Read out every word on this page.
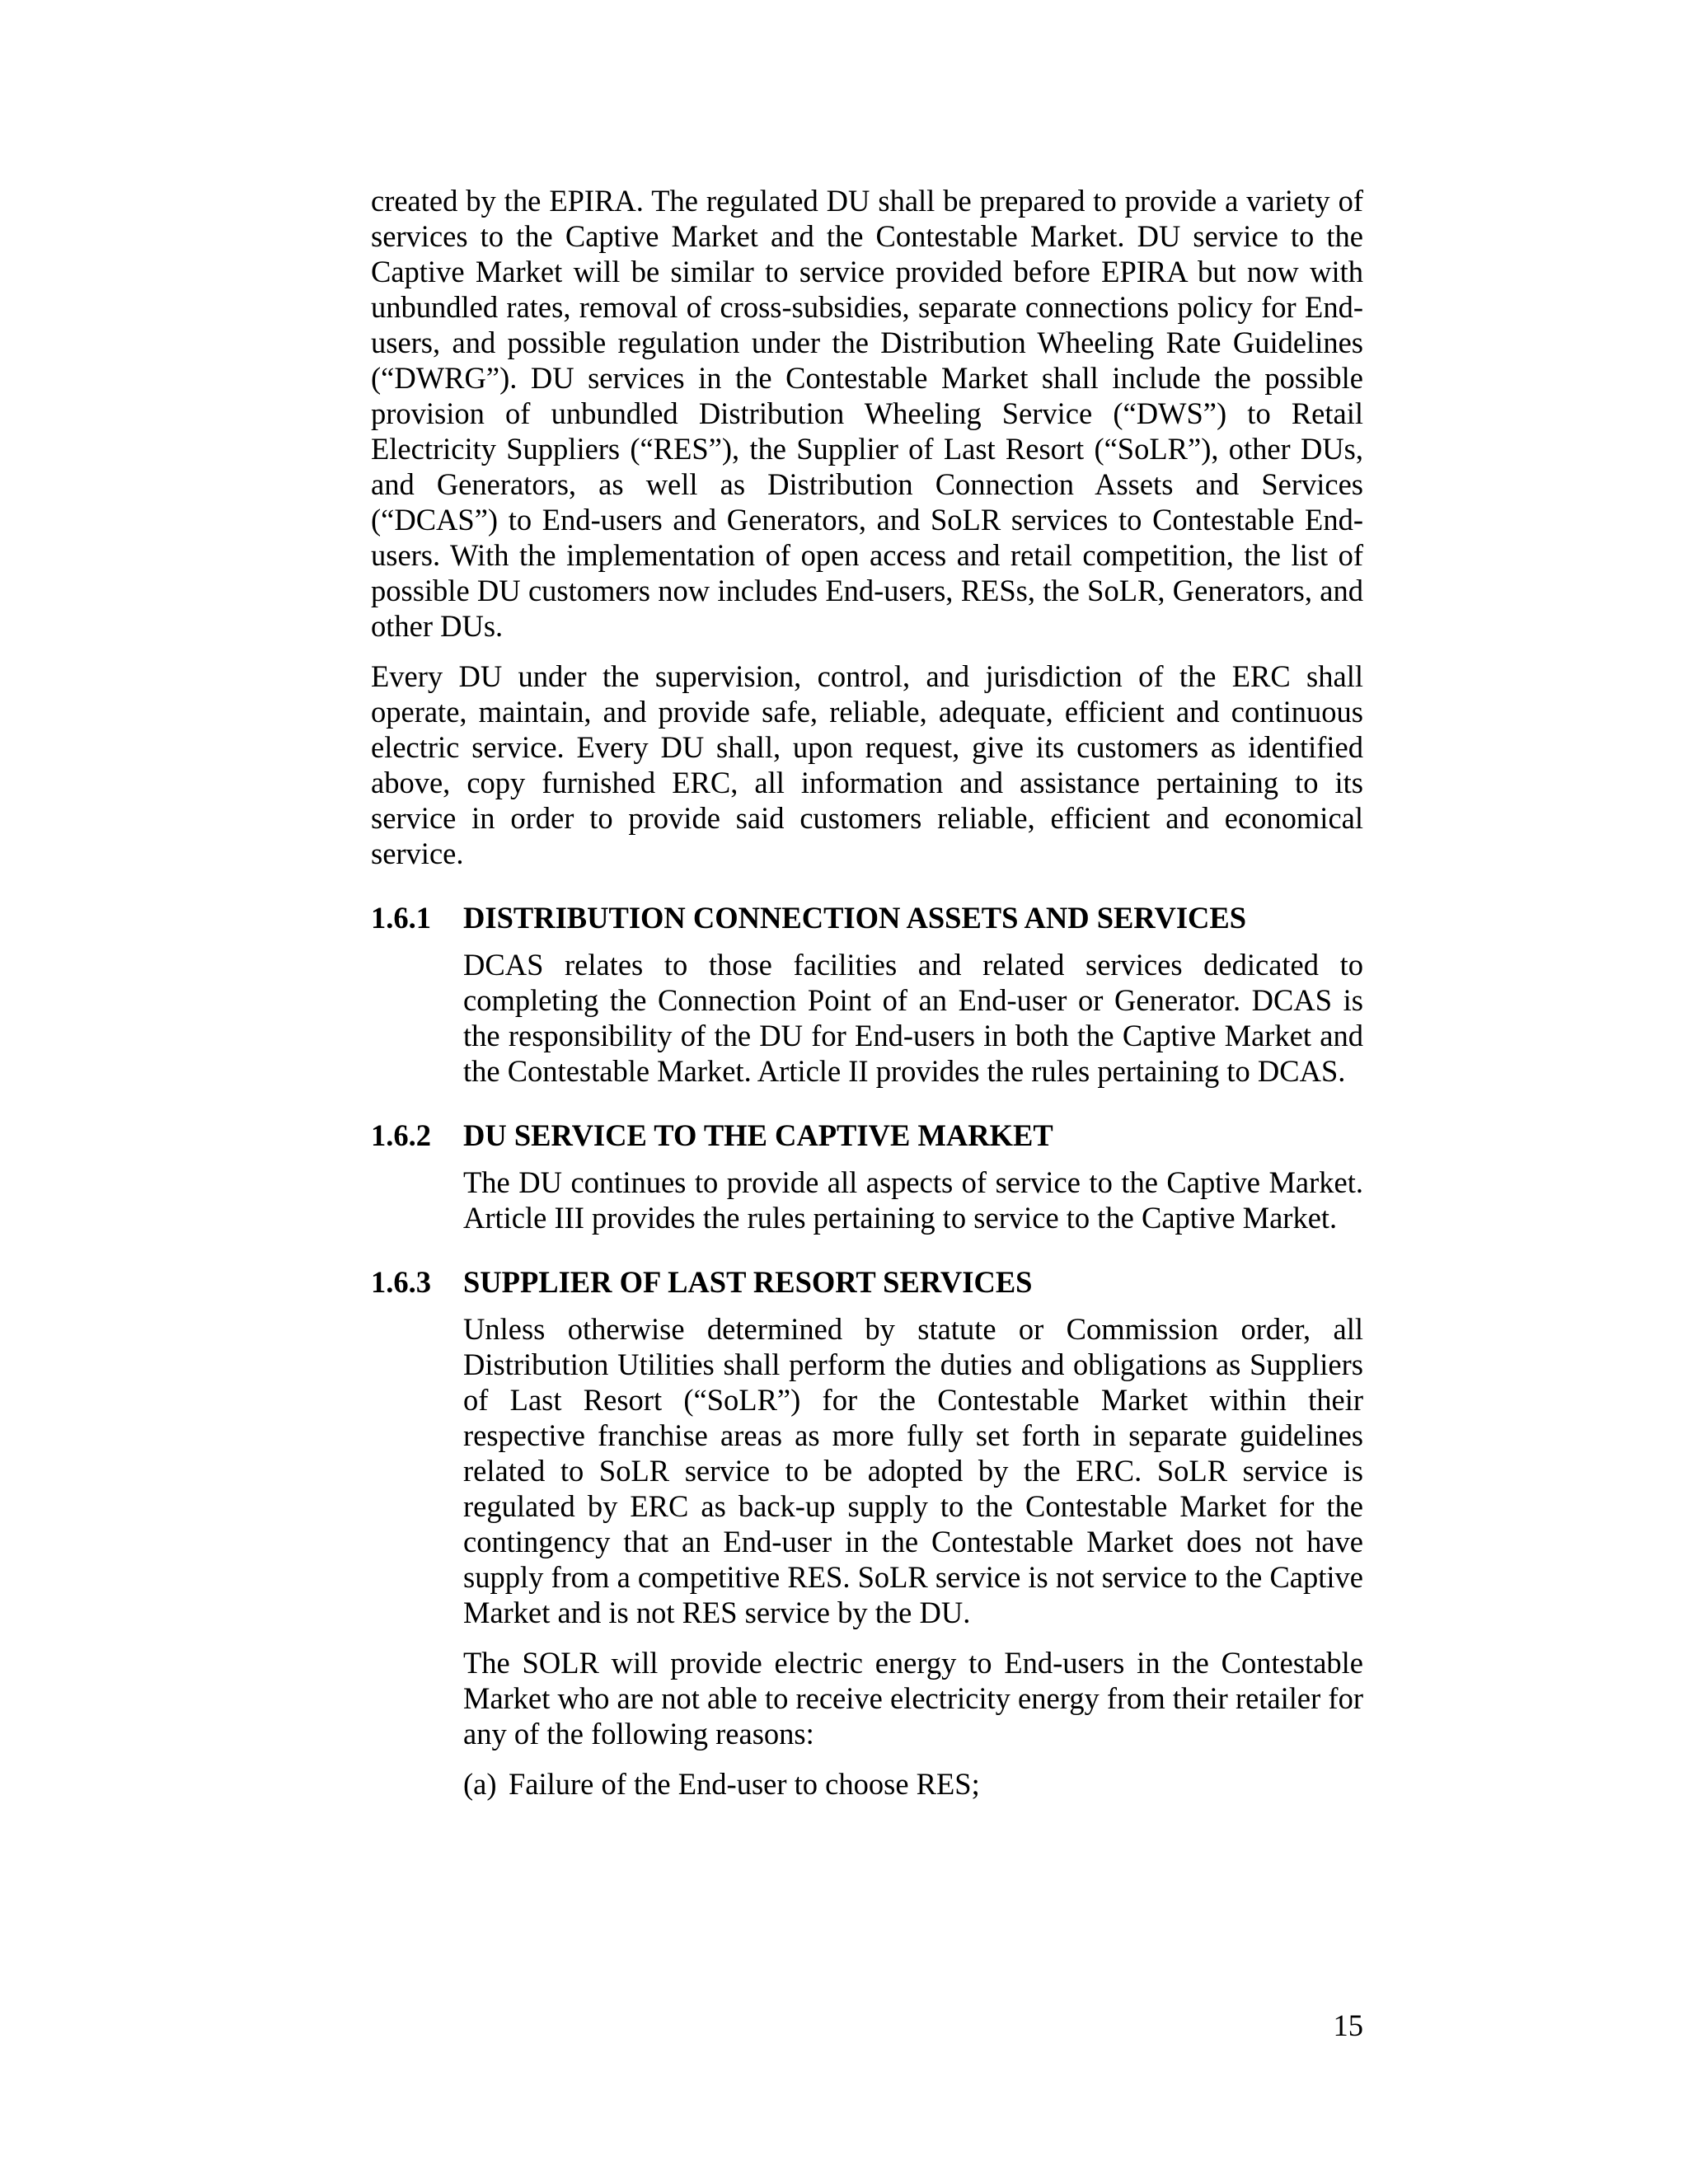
created by the EPIRA. The regulated DU shall be prepared to provide a variety of services to the Captive Market and the Contestable Market. DU service to the Captive Market will be similar to service provided before EPIRA but now with unbundled rates, removal of cross-subsidies, separate connections policy for End-users, and possible regulation under the Distribution Wheeling Rate Guidelines (“DWRG”). DU services in the Contestable Market shall include the possible provision of unbundled Distribution Wheeling Service (“DWS”) to Retail Electricity Suppliers (“RES”), the Supplier of Last Resort (“SoLR”), other DUs, and Generators, as well as Distribution Connection Assets and Services (“DCAS”) to End-users and Generators, and SoLR services to Contestable End-users. With the implementation of open access and retail competition, the list of possible DU customers now includes End-users, RESs, the SoLR, Generators, and other DUs.

Every DU under the supervision, control, and jurisdiction of the ERC shall operate, maintain, and provide safe, reliable, adequate, efficient and continuous electric service. Every DU shall, upon request, give its customers as identified above, copy furnished ERC, all information and assistance pertaining to its service in order to provide said customers reliable, efficient and economical service.

1.6.1	DISTRIBUTION CONNECTION ASSETS AND SERVICES

DCAS relates to those facilities and related services dedicated to completing the Connection Point of an End-user or Generator. DCAS is the responsibility of the DU for End-users in both the Captive Market and the Contestable Market. Article II provides the rules pertaining to DCAS.

1.6.2	DU SERVICE TO THE CAPTIVE MARKET

The DU continues to provide all aspects of service to the Captive Market. Article III provides the rules pertaining to service to the Captive Market.

1.6.3	SUPPLIER OF LAST RESORT SERVICES

Unless otherwise determined by statute or Commission order, all Distribution Utilities shall perform the duties and obligations as Suppliers of Last Resort (“SoLR”) for the Contestable Market within their respective franchise areas as more fully set forth in separate guidelines related to SoLR service to be adopted by the ERC. SoLR service is regulated by ERC as back-up supply to the Contestable Market for the contingency that an End-user in the Contestable Market does not have supply from a competitive RES. SoLR service is not service to the Captive Market and is not RES service by the DU.

The SOLR will provide electric energy to End-users in the Contestable Market who are not able to receive electricity energy from their retailer for any of the following reasons:

(a) Failure of the End-user to choose RES;
15
